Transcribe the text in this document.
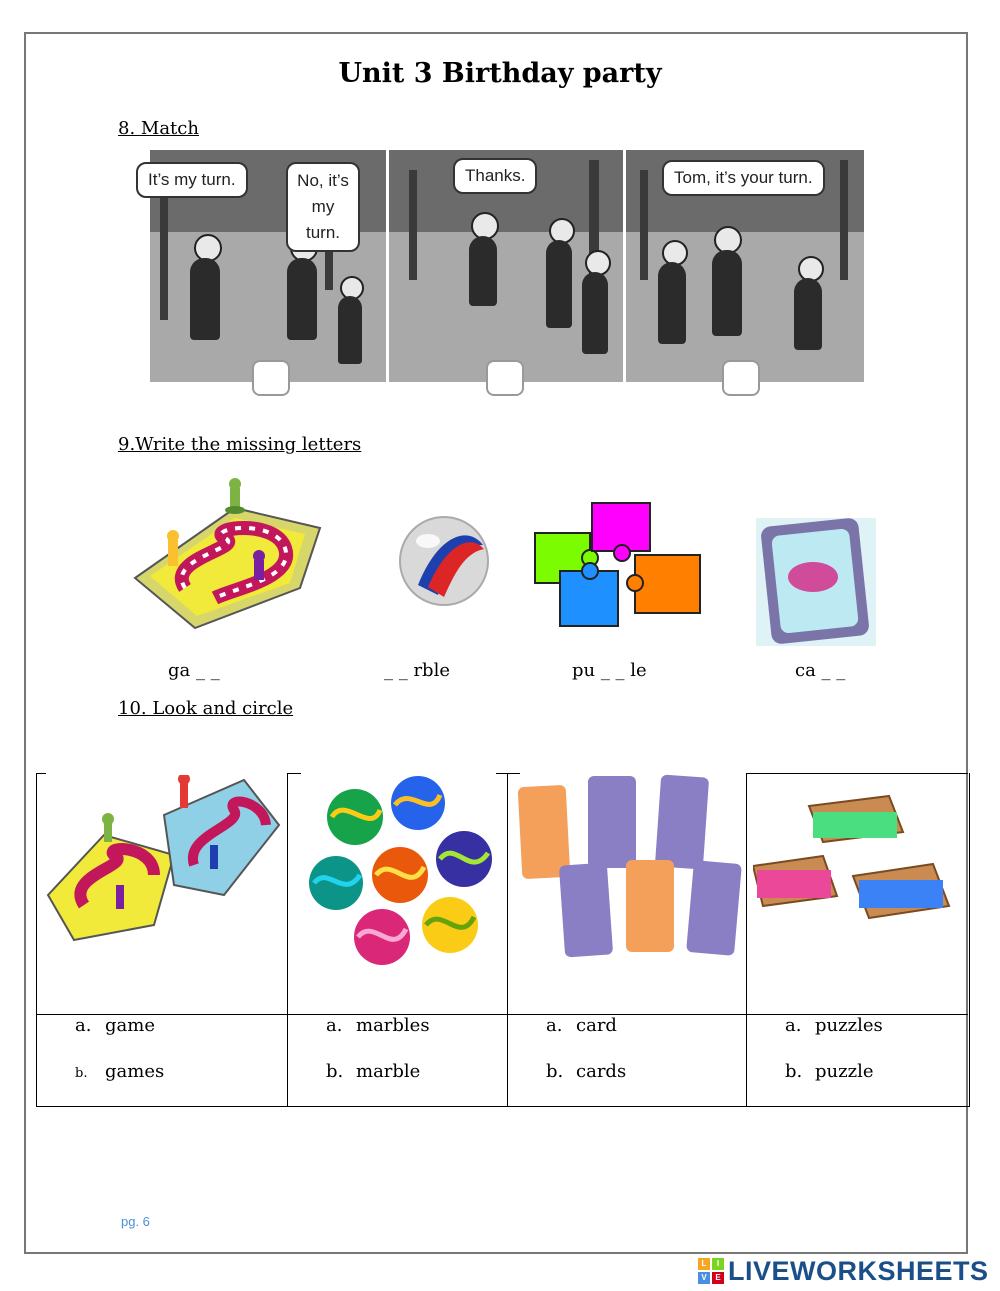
Unit 3 Birthday party
8. Match
It’s my turn.	No, it’s my turn.
Thanks.	Tom, it’s your turn.
9.Write the missing letters
ga _ _	_ _ rble	pu _ _ le	ca _ _
10. Look and circle
a. game
b. games
a. marbles
b. marble
a. card
b. cards
a. puzzles
b. puzzle
pg. 6
L	I
V	E LIVEWORKSHEETS
